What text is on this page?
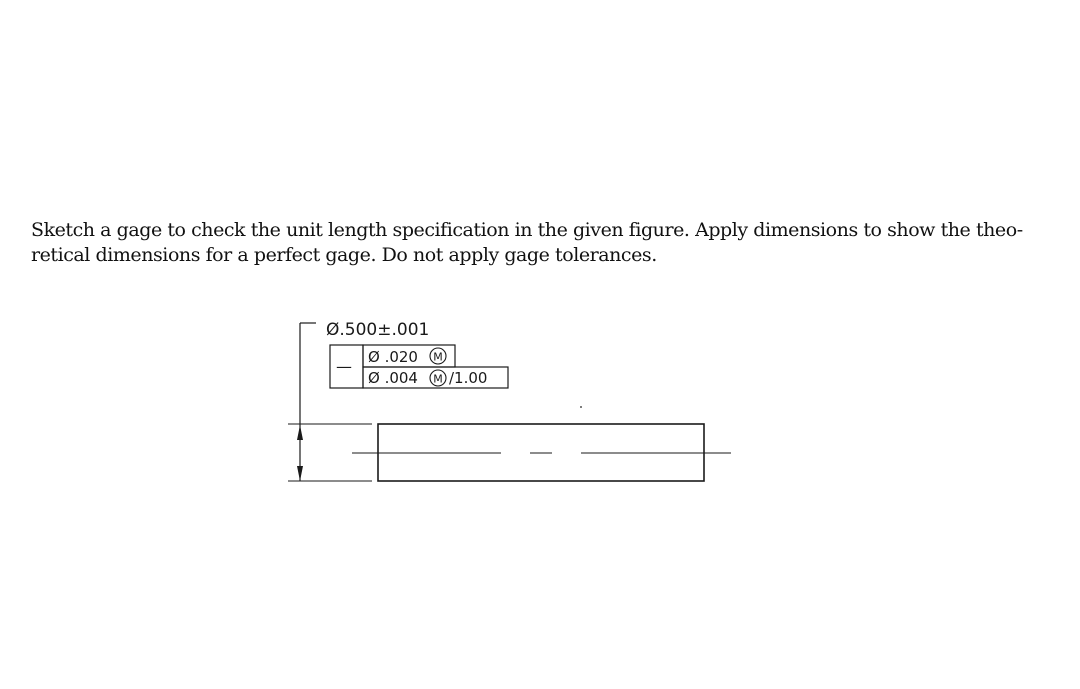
Sketch a gage to check the unit length specification in the given figure. Apply dimensions to show the theo-
retical dimensions for a perfect gage. Do not apply gage tolerances.
Ø.500±.001
— Ø .020 M
Ø .004 M /1.00
